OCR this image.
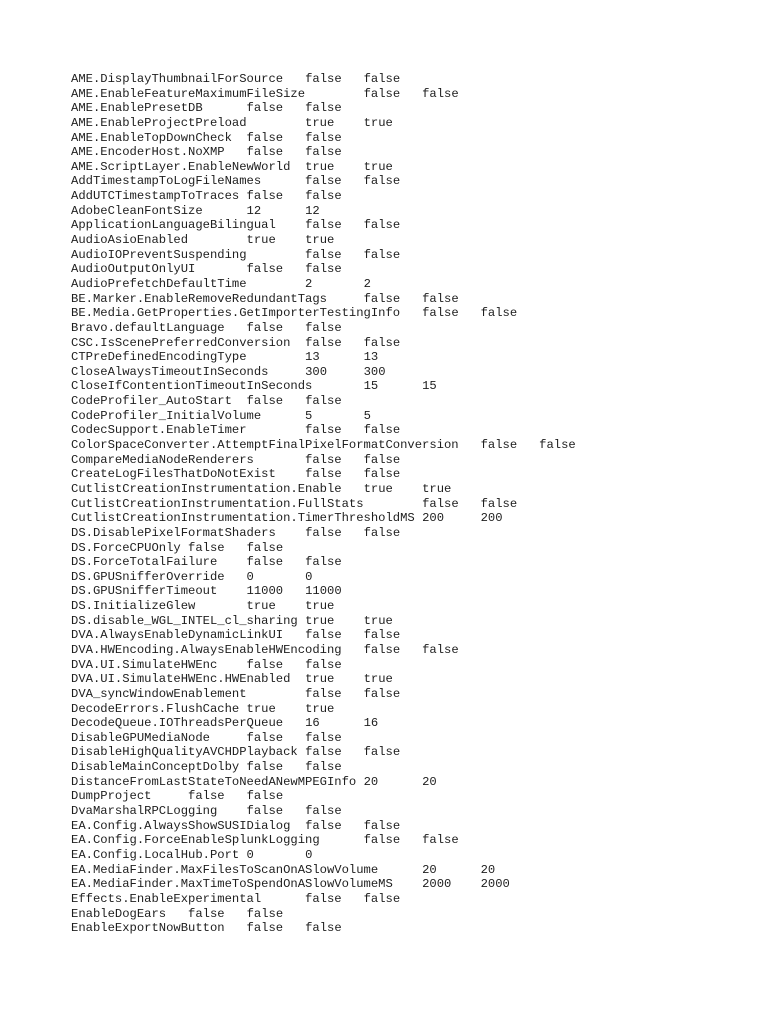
AME.DisplayThumbnailForSource false false
AME.EnableFeatureMaximumFileSize	false false
AME.EnablePresetDB	false false
AME.EnableProjectPreload	true true
AME.EnableTopDownCheck false false
AME.EncoderHost.NoXMP false false
AME.ScriptLayer.EnableNewWorld true true
AddTimestampToLogFileNames	false false
AddUTCTimestampToTraces false false
AdobeCleanFontSize	12	12
ApplicationLanguageBilingual false false
AudioAsioEnabled	true true
AudioIOPreventSuspending	false false
AudioOutputOnlyUI	false false
AudioPrefetchDefaultTime	2	2
BE.Marker.EnableRemoveRedundantTags	false false
BE.Media.GetProperties.GetImporterTestingInfo false false
Bravo.defaultLanguage false false
CSC.IsScenePreferredConversion false false
CTPreDefinedEncodingType	13	13
CloseAlwaysTimeoutInSeconds	300	300
CloseIfContentionTimeoutInSeconds	15	15
CodeProfiler_AutoStart false false
CodeProfiler_InitialVolume	5	5
CodecSupport.EnableTimer	false false
ColorSpaceConverter.AttemptFinalPixelFormatConversion false false
CompareMediaNodeRenderers	false false
CreateLogFilesThatDoNotExist false false
CutlistCreationInstrumentation.Enable true true
CutlistCreationInstrumentation.FullStats	false false
CutlistCreationInstrumentation.TimerThresholdMS 200	200
DS.DisablePixelFormatShaders false false
DS.ForceCPUOnly false false
DS.ForceTotalFailure false false
DS.GPUSnifferOverride 0	0
DS.GPUSnifferTimeout 11000 11000
DS.InitializeGlew	true true
DS.disable_WGL_INTEL_cl_sharing true true
DVA.AlwaysEnableDynamicLinkUI false false
DVA.HWEncoding.AlwaysEnableHWEncoding false false
DVA.UI.SimulateHWEnc false false
DVA.UI.SimulateHWEnc.HWEnabled true true
DVA_syncWindowEnablement	false false
DecodeErrors.FlushCache true true
DecodeQueue.IOThreadsPerQueue 16	16
DisableGPUMediaNode	false false
DisableHighQualityAVCHDPlayback false false
DisableMainConceptDolby false false
DistanceFromLastStateToNeedANewMPEGInfo 20	20
DumpProject	false false
DvaMarshalRPCLogging false false
EA.Config.AlwaysShowSUSIDialog false false
EA.Config.ForceEnableSplunkLogging	false false
EA.Config.LocalHub.Port 0	0
EA.MediaFinder.MaxFilesToScanOnASlowVolume	20	20
EA.MediaFinder.MaxTimeToSpendOnASlowVolumeMS 2000 2000
Effects.EnableExperimental	false false
EnableDogEars false false
EnableExportNowButton false false
